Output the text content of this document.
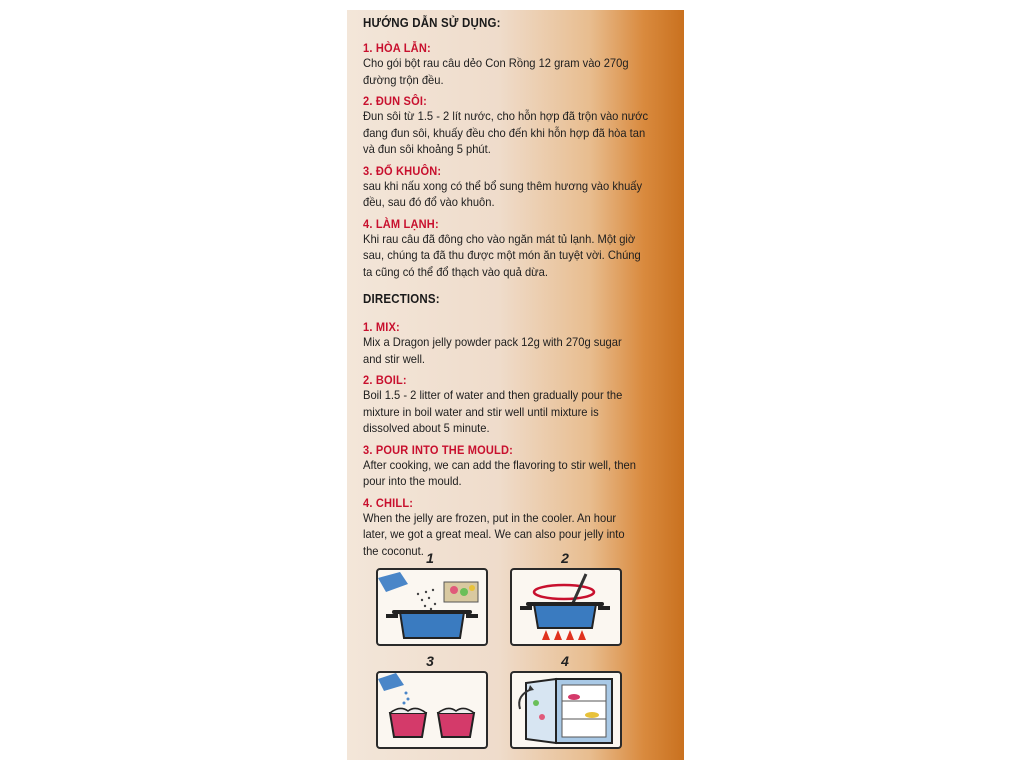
HƯỚNG DẪN SỬ DỤNG:
1. HÒA LẪN:
Cho gói bột rau câu dẻo Con Rồng 12 gram vào 270g
đường trộn đều.
2. ĐUN SÔI:
Đun sôi từ 1.5 - 2 lít nước, cho hỗn hợp đã trộn vào nước
đang đun sôi, khuấy đều cho đến khi hỗn hợp đã hòa tan
và đun sôi khoảng 5 phút.
3. ĐỔ KHUÔN:
sau khi nấu xong có thể bổ sung thêm hương vào khuấy
đều, sau đó đổ vào khuôn.
4. LÀM LẠNH:
Khi rau câu đã đông cho vào ngăn mát tủ lạnh. Một giờ
sau, chúng ta đã thu được một món ăn tuyệt vời. Chúng
ta cũng có thể đổ thạch vào quả dừa.
DIRECTIONS:
1. MIX:
Mix a Dragon jelly powder pack 12g with 270g sugar
and stir well.
2. BOIL:
Boil 1.5 - 2 litter of water and then gradually pour the
mixture in boil water and stir well until mixture is
dissolved about 5 minute.
3. POUR INTO THE MOULD:
After cooking, we can add the flavoring to stir well, then
pour into the mould.
4. CHILL:
When the jelly are frozen, put in the cooler. An hour
later, we got a great meal. We can also pour jelly into
the coconut. 1	2
3	4
